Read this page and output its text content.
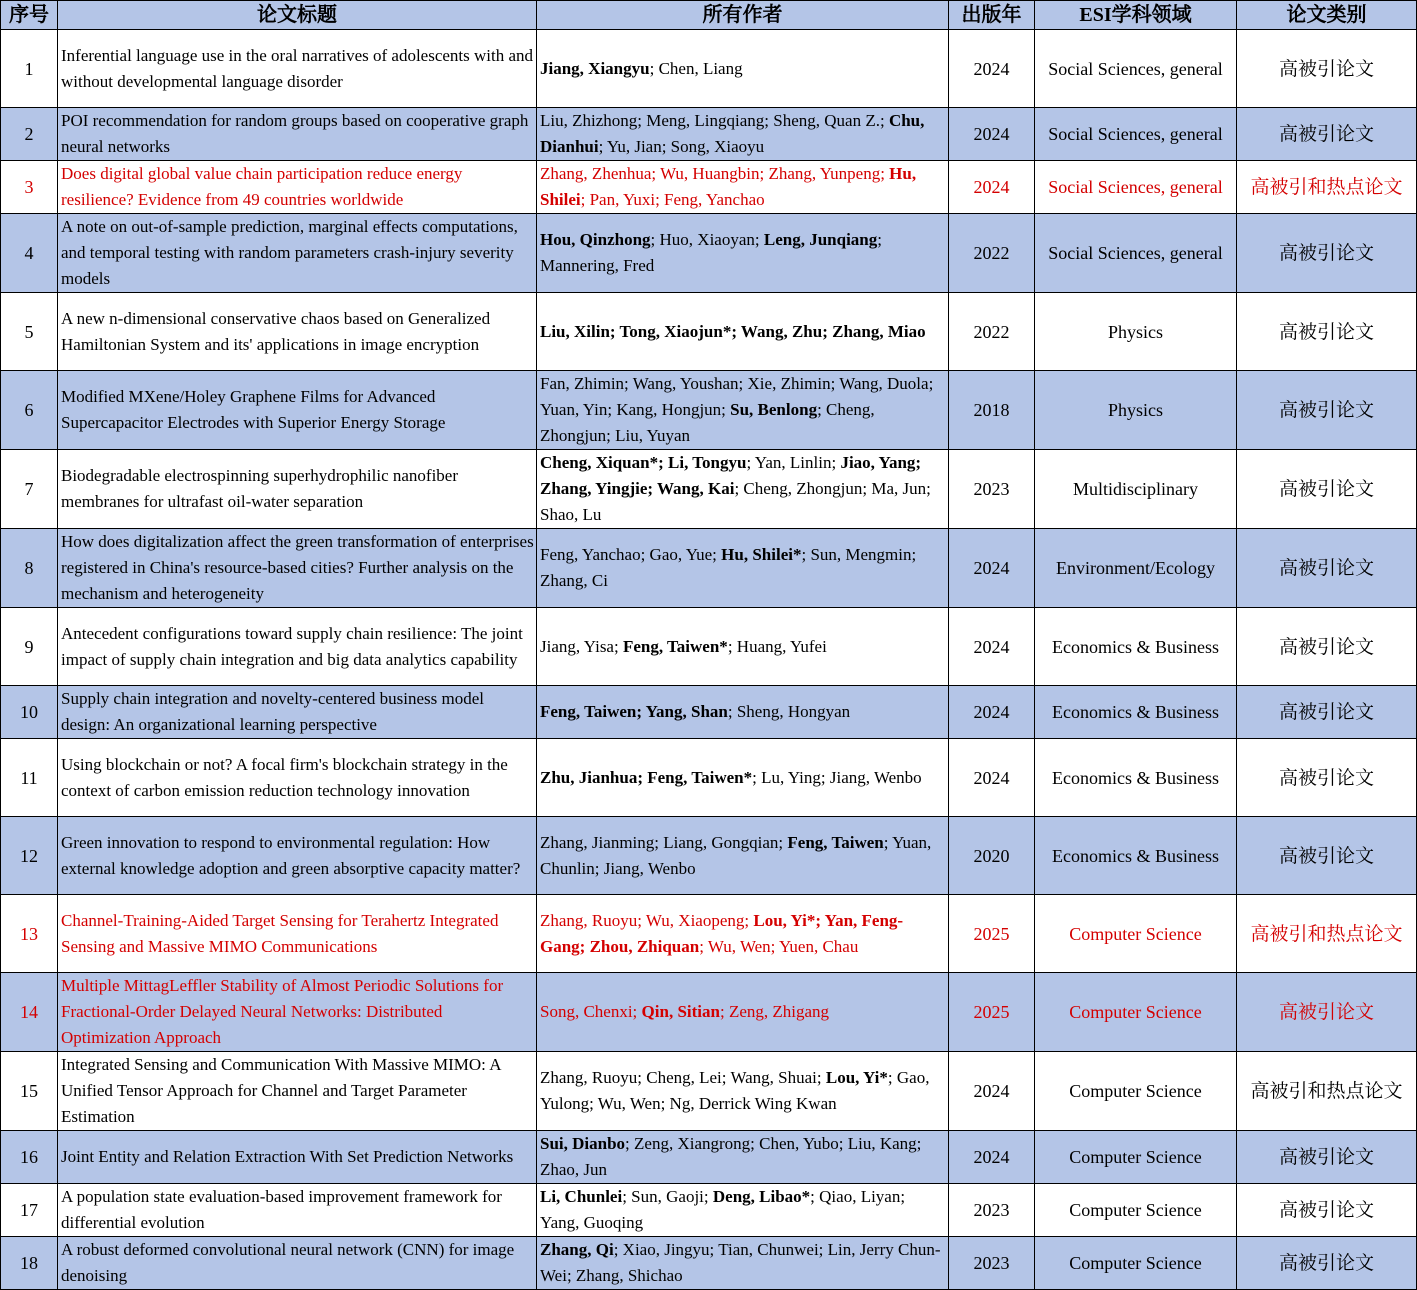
序号	论文标题	所有作者	出版年	ESI学科领域	论文类别
1	Inferential language use in the oral narratives of adolescents with and without developmental language disorder	Jiang, Xiangyu; Chen, Liang	2024	Social Sciences, general	高被引论文
2	POI recommendation for random groups based on cooperative graph neural networks	Liu, Zhizhong; Meng, Lingqiang; Sheng, Quan Z.; Chu, Dianhui; Yu, Jian; Song, Xiaoyu	2024	Social Sciences, general	高被引论文
3	Does digital global value chain participation reduce energy resilience? Evidence from 49 countries worldwide	Zhang, Zhenhua; Wu, Huangbin; Zhang, Yunpeng; Hu, Shilei; Pan, Yuxi; Feng, Yanchao	2024	Social Sciences, general	高被引和热点论文
4	A note on out-of-sample prediction, marginal effects computations, and temporal testing with random parameters crash-injury severity models	Hou, Qinzhong; Huo, Xiaoyan; Leng, Junqiang; Mannering, Fred	2022	Social Sciences, general	高被引论文
5	A new n-dimensional conservative chaos based on Generalized Hamiltonian System and its' applications in image encryption	Liu, Xilin; Tong, Xiaojun*; Wang, Zhu; Zhang, Miao	2022	Physics	高被引论文
6	Modified MXene/Holey Graphene Films for Advanced Supercapacitor Electrodes with Superior Energy Storage	Fan, Zhimin; Wang, Youshan; Xie, Zhimin; Wang, Duola; Yuan, Yin; Kang, Hongjun; Su, Benlong; Cheng, Zhongjun; Liu, Yuyan	2018	Physics	高被引论文
7	Biodegradable electrospinning superhydrophilic nanofiber membranes for ultrafast oil-water separation	Cheng, Xiquan*; Li, Tongyu; Yan, Linlin; Jiao, Yang; Zhang, Yingjie; Wang, Kai; Cheng, Zhongjun; Ma, Jun; Shao, Lu	2023	Multidisciplinary	高被引论文
8	How does digitalization affect the green transformation of enterprises registered in China's resource-based cities? Further analysis on the mechanism and heterogeneity	Feng, Yanchao; Gao, Yue; Hu, Shilei*; Sun, Mengmin; Zhang, Ci	2024	Environment/Ecology	高被引论文
9	Antecedent configurations toward supply chain resilience: The joint impact of supply chain integration and big data analytics capability	Jiang, Yisa; Feng, Taiwen*; Huang, Yufei	2024	Economics & Business	高被引论文
10	Supply chain integration and novelty-centered business model design: An organizational learning perspective	Feng, Taiwen; Yang, Shan; Sheng, Hongyan	2024	Economics & Business	高被引论文
11	Using blockchain or not? A focal firm's blockchain strategy in the context of carbon emission reduction technology innovation	Zhu, Jianhua; Feng, Taiwen*; Lu, Ying; Jiang, Wenbo	2024	Economics & Business	高被引论文
12	Green innovation to respond to environmental regulation: How external knowledge adoption and green absorptive capacity matter?	Zhang, Jianming; Liang, Gongqian; Feng, Taiwen; Yuan, Chunlin; Jiang, Wenbo	2020	Economics & Business	高被引论文
13	Channel-Training-Aided Target Sensing for Terahertz Integrated Sensing and Massive MIMO Communications	Zhang, Ruoyu; Wu, Xiaopeng; Lou, Yi*; Yan, Feng-Gang; Zhou, Zhiquan; Wu, Wen; Yuen, Chau	2025	Computer Science	高被引和热点论文
14	Multiple MittagLeffler Stability of Almost Periodic Solutions for Fractional-Order Delayed Neural Networks: Distributed Optimization Approach	Song, Chenxi; Qin, Sitian; Zeng, Zhigang	2025	Computer Science	高被引论文
15	Integrated Sensing and Communication With Massive MIMO: A Unified Tensor Approach for Channel and Target Parameter Estimation	Zhang, Ruoyu; Cheng, Lei; Wang, Shuai; Lou, Yi*; Gao, Yulong; Wu, Wen; Ng, Derrick Wing Kwan	2024	Computer Science	高被引和热点论文
16	Joint Entity and Relation Extraction With Set Prediction Networks	Sui, Dianbo; Zeng, Xiangrong; Chen, Yubo; Liu, Kang; Zhao, Jun	2024	Computer Science	高被引论文
17	A population state evaluation-based improvement framework for differential evolution	Li, Chunlei; Sun, Gaoji; Deng, Libao*; Qiao, Liyan; Yang, Guoqing	2023	Computer Science	高被引论文
18	A robust deformed convolutional neural network (CNN) for image denoising	Zhang, Qi; Xiao, Jingyu; Tian, Chunwei; Lin, Jerry Chun-Wei; Zhang, Shichao	2023	Computer Science	高被引论文
